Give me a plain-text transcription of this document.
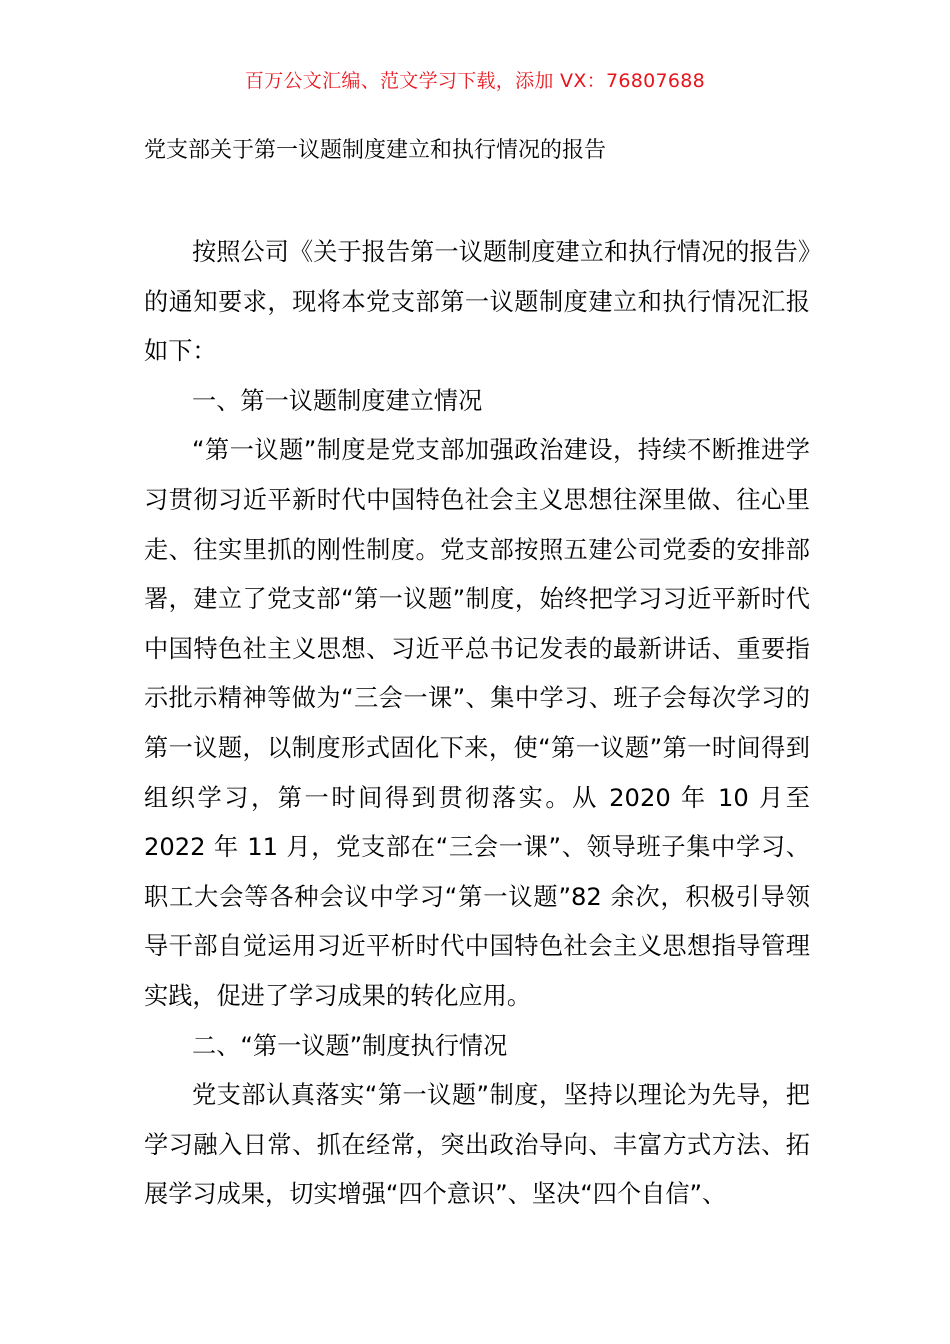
百万公文汇编、范文学习下载，添加 VX：76807688
党支部关于第一议题制度建立和执行情况的报告

按照公司《关于报告第一议题制度建立和执行情况的报告》的通知要求，现将本党支部第一议题制度建立和执行情况汇报如下：

一、第一议题制度建立情况

“第一议题”制度是党支部加强政治建设，持续不断推进学习贯彻习近平新时代中国特色社会主义思想往深里做、往心里走、往实里抓的刚性制度。党支部按照五建公司党委的安排部署，建立了党支部“第一议题”制度，始终把学习习近平新时代中国特色社主义思想、习近平总书记发表的最新讲话、重要指示批示精神等做为“三会一课”、集中学习、班子会每次学习的第一议题，以制度形式固化下来，使“第一议题”第一时间得到组织学习，第一时间得到贯彻落实。从 2020 年 10 月至 2022 年 11 月，党支部在“三会一课”、领导班子集中学习、职工大会等各种会议中学习“第一议题”82 余次，积极引导领导干部自觉运用习近平析时代中国特色社会主义思想指导管理实践，促进了学习成果的转化应用。

二、“第一议题”制度执行情况

党支部认真落实“第一议题”制度，坚持以理论为先导，把学习融入日常、抓在经常，突出政治导向、丰富方式方法、拓展学习成果，切实增强“四个意识”、坚决“四个自信”、
